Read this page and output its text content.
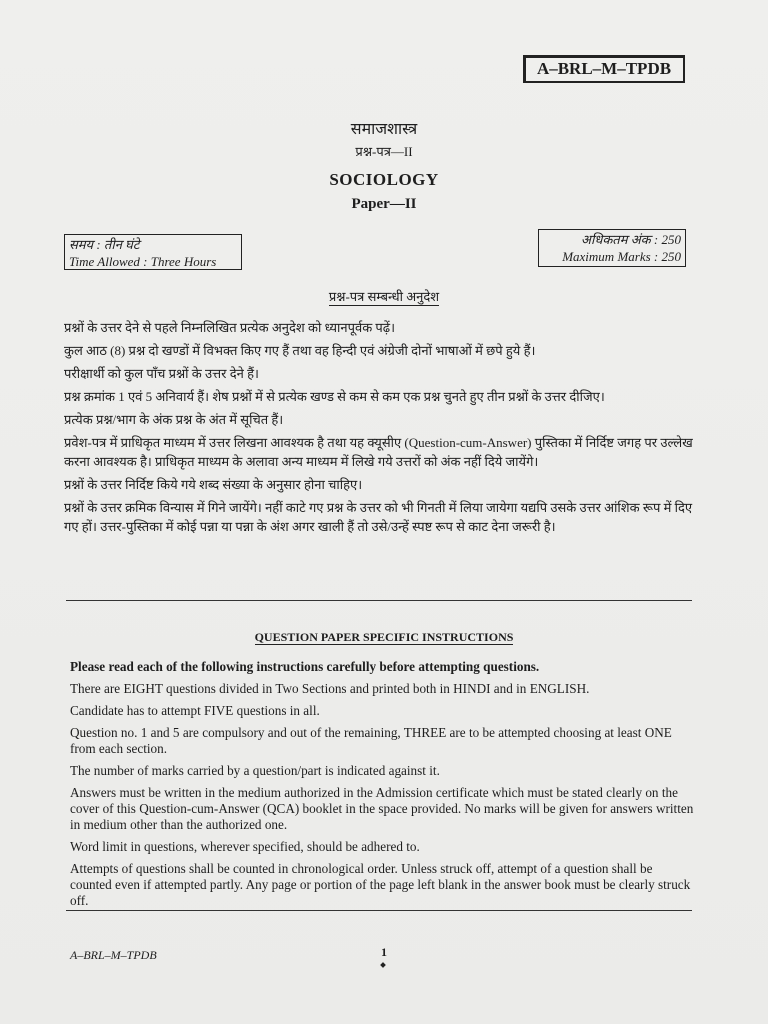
A–BRL–M–TPDB
समाजशास्त्र
प्रश्न-पत्र—II
SOCIOLOGY
Paper—II
समय : तीन घंटे
Time Allowed : Three Hours
अधिकतम अंक : 250
Maximum Marks : 250
प्रश्न-पत्र सम्बन्धी अनुदेश

प्रश्नों के उत्तर देने से पहले निम्नलिखित प्रत्येक अनुदेश को ध्यानपूर्वक पढ़ें।

कुल आठ (8) प्रश्न दो खण्डों में विभक्त किए गए हैं तथा वह हिन्दी एवं अंग्रेजी दोनों भाषाओं में छपे हुये हैं।

परीक्षार्थी को कुल पाँच प्रश्नों के उत्तर देने हैं।

प्रश्न क्रमांक 1 एवं 5 अनिवार्य हैं। शेष प्रश्नों में से प्रत्येक खण्ड से कम से कम एक प्रश्न चुनते हुए तीन प्रश्नों के उत्तर दीजिए।

प्रत्येक प्रश्न/भाग के अंक प्रश्न के अंत में सूचित हैं।

प्रवेश-पत्र में प्राधिकृत माध्यम में उत्तर लिखना आवश्यक है तथा यह क्यूसीए (Question-cum-Answer) पुस्तिका में निर्दिष्ट जगह पर उल्लेख करना आवश्यक है। प्राधिकृत माध्यम के अलावा अन्य माध्यम में लिखे गये उत्तरों को अंक नहीं दिये जायेंगे।

प्रश्नों के उत्तर निर्दिष्ट किये गये शब्द संख्या के अनुसार होना चाहिए।

प्रश्नों के उत्तर क्रमिक विन्यास में गिने जायेंगे। नहीं काटे गए प्रश्न के उत्तर को भी गिनती में लिया जायेगा यद्यपि उसके उत्तर आंशिक रूप में दिए गए हों। उत्तर-पुस्तिका में कोई पन्ना या पन्ना के अंश अगर खाली हैं तो उसे/उन्हें स्पष्ट रूप से काट देना जरूरी है।

QUESTION PAPER SPECIFIC INSTRUCTIONS

Please read each of the following instructions carefully before attempting questions.

There are EIGHT questions divided in Two Sections and printed both in HINDI and in ENGLISH.

Candidate has to attempt FIVE questions in all.

Question no. 1 and 5 are compulsory and out of the remaining, THREE are to be attempted choosing at least ONE from each section.

The number of marks carried by a question/part is indicated against it.

Answers must be written in the medium authorized in the Admission certificate which must be stated clearly on the cover of this Question-cum-Answer (QCA) booklet in the space provided. No marks will be given for answers written in medium other than the authorized one.

Word limit in questions, wherever specified, should be adhered to.

Attempts of questions shall be counted in chronological order. Unless struck off, attempt of a question shall be counted even if attempted partly. Any page or portion of the page left blank in the answer book must be clearly struck off.

A–BRL–M–TPDB	1
